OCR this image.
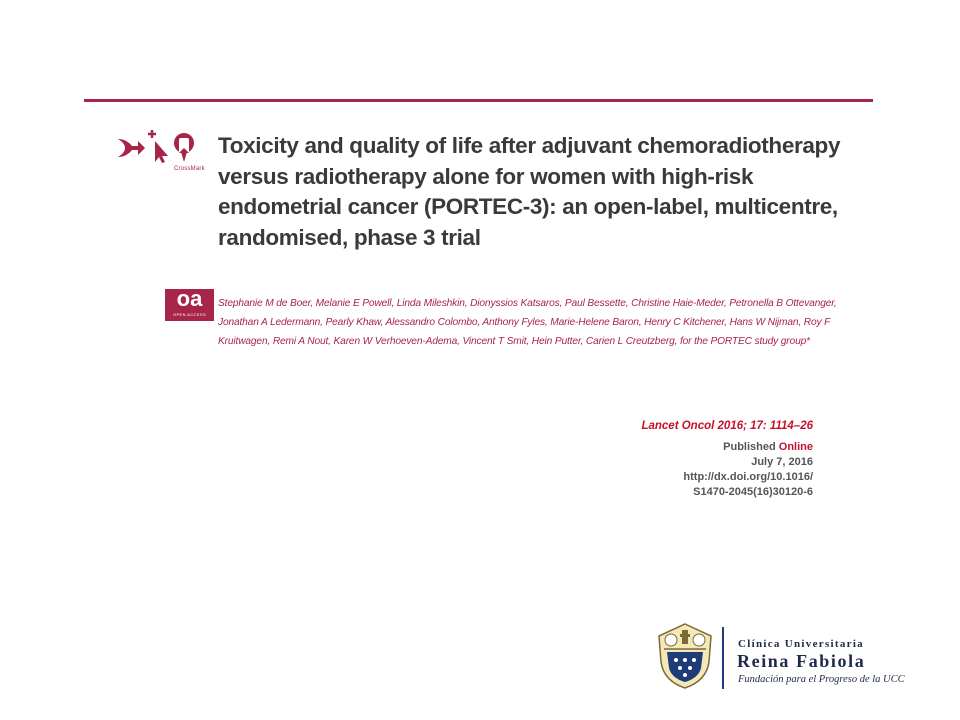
CrossMark
Toxicity and quality of life after adjuvant chemoradiotherapy versus radiotherapy alone for women with high-risk endometrial cancer (PORTEC-3): an open-label, multicentre, randomised, phase 3 trial
oa
OPEN ACCESS

Stephanie M de Boer, Melanie E Powell, Linda Mileshkin, Dionyssios Katsaros, Paul Bessette, Christine Haie-Meder, Petronella B Ottevanger, Jonathan A Ledermann, Pearly Khaw, Alessandro Colombo, Anthony Fyles, Marie-Helene Baron, Henry C Kitchener, Hans W Nijman, Roy F Kruitwagen, Remi A Nout, Karen W Verhoeven-Adema, Vincent T Smit, Hein Putter, Carien L Creutzberg, for the PORTEC study group*

Lancet Oncol 2016; 17: 1114–26
Published Online
July 7, 2016
http://dx.doi.org/10.1016/
S1470-2045(16)30120-6
Clínica Universitaria
Reina Fabiola
Fundación para el Progreso de la UCC
